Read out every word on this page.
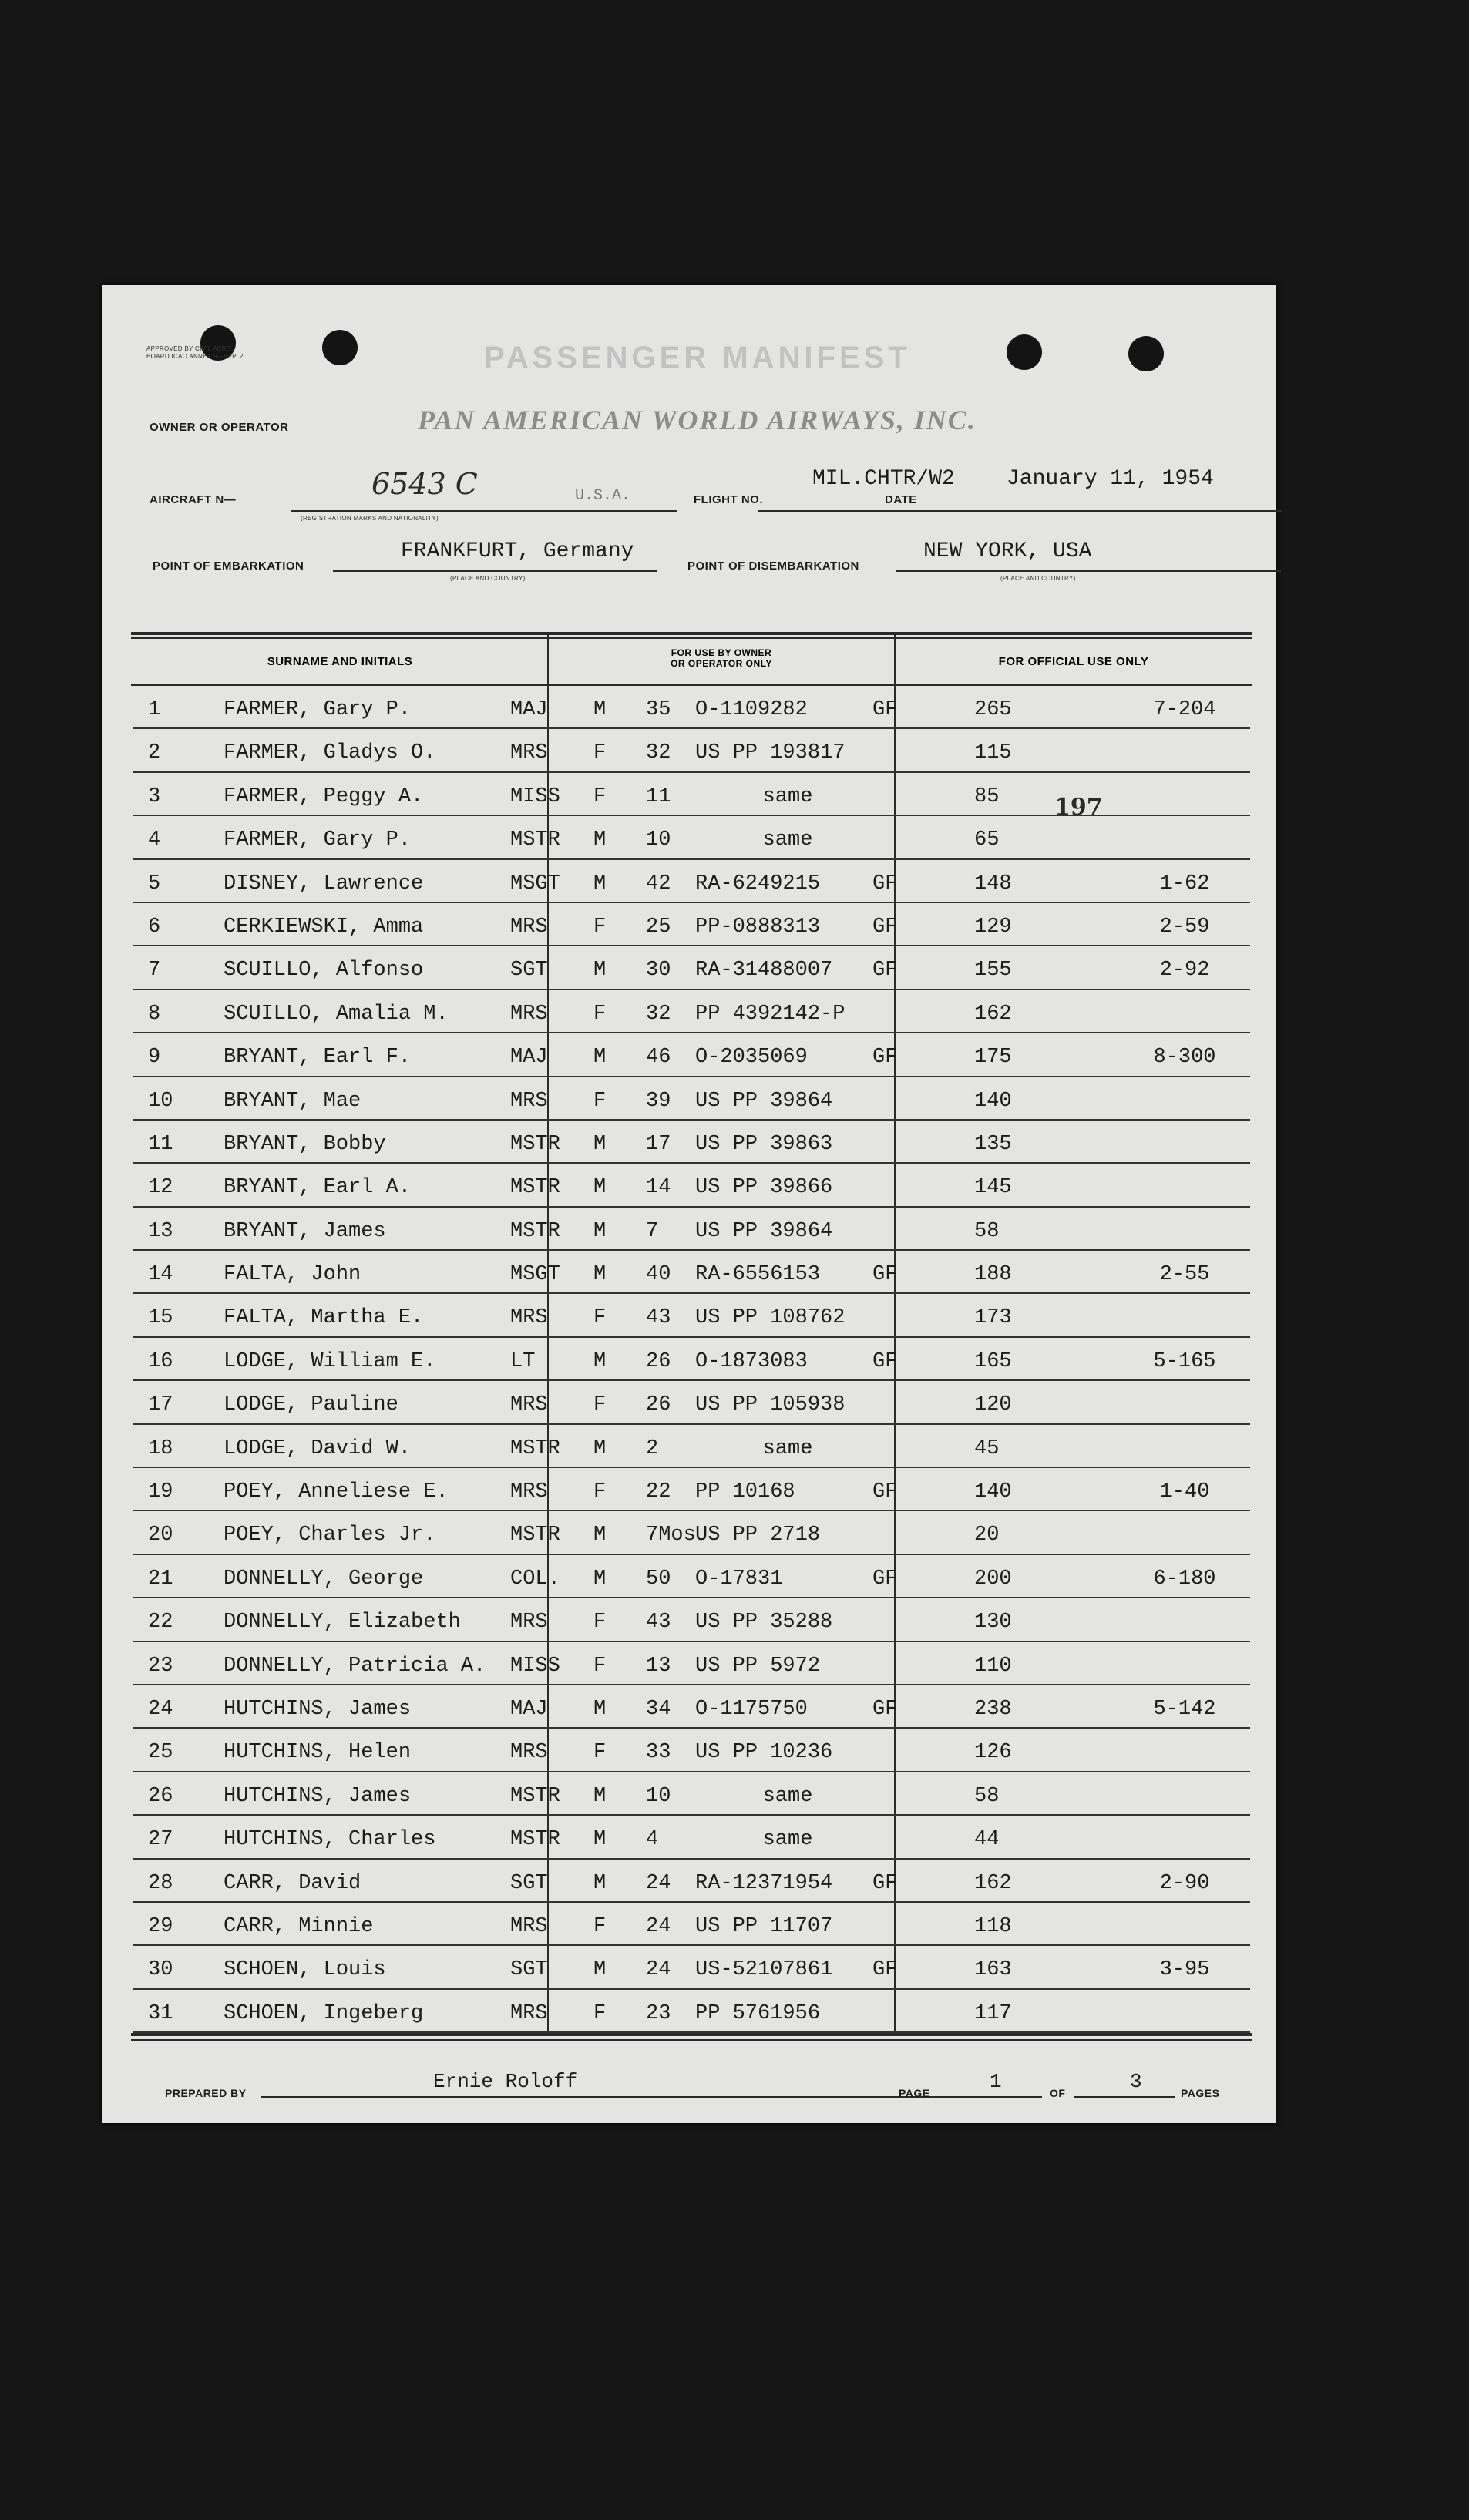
APPROVED BY CIVIL AERO. BOARD ICAO ANNEX 9—APP. 2	PASSENGER MANIFEST
OWNER OR OPERATOR	PAN AMERICAN WORLD AIRWAYS, INC.
AIRCRAFT N—	6543 C	U.S.A.
(REGISTRATION MARKS AND NATIONALITY)
FLIGHT NO.
MIL.CHTR/W2
DATE
January 11, 1954
POINT OF EMBARKATION
FRANKFURT, Germany
(PLACE AND COUNTRY)
POINT OF DISEMBARKATION
NEW YORK, USA
(PLACE AND COUNTRY)
SURNAME AND INITIALS
FOR USE BY OWNER
OR OPERATOR ONLY	FOR OFFICIAL USE ONLY
1	FARMER, Gary P.	MAJ M 35 O-1109282	GF	265	7-204
2	FARMER, Gladys O.	MRS F 32 US PP 193817	115
3	FARMER, Peggy A.	MISS F 11	same	85
4	FARMER, Gary P.	MSTR M 10	same	65
5	DISNEY, Lawrence	MSGT M 42 RA-6249215	GF	148	1-62
6	CERKIEWSKI, Amma	MRS F 25 PP-0888313	GF	129	2-59
7	SCUILLO, Alfonso	SGT M 30 RA-31488007 GF	155	2-92
8	SCUILLO, Amalia M.	MRS F 32 PP 4392142-P	162
9	BRYANT, Earl F.	MAJ M 46 O-2035069	GF	175	8-300
10 BRYANT, Mae	MRS F 39 US PP 39864	140
11 BRYANT, Bobby	MSTR M 17 US PP 39863	135
12 BRYANT, Earl A.	MSTR M 14 US PP 39866	145
13 BRYANT, James	MSTR M 7 US PP 39864	58
14 FALTA, John	MSGT M 40 RA-6556153	GF	188	2-55
15 FALTA, Martha E.	MRS F 43 US PP 108762	173
16 LODGE, William E.	LT	M 26 O-1873083	GF	165	5-165
17 LODGE, Pauline	MRS F 26 US PP 105938	120
18 LODGE, David W.	MSTR M 2	same	45
19 POEY, Anneliese E.	MRS F 22 PP 10168	GF	140	1-40
20 POEY, Charles Jr.	MSTR M 7Mos US PP 2718	20
21 DONNELLY, George	COL. M 50 O-17831	GF	200	6-180
22 DONNELLY, Elizabeth MRS F 43 US PP 35288	130
23 DONNELLY, Patricia A. MISS F 13 US PP 5972	110
24 HUTCHINS, James	MAJ M 34 O-1175750	GF	238	5-142
25 HUTCHINS, Helen	MRS F 33 US PP 10236	126
26 HUTCHINS, James	MSTR M 10	same	58
27 HUTCHINS, Charles	MSTR M 4	same	44
28 CARR, David	SGT M 24 RA-12371954 GF	162	2-90
29 CARR, Minnie	MRS F 24 US PP 11707	118
30 SCHOEN, Louis	SGT M 24 US-52107861 GF	163	3-95
31 SCHOEN, Ingeberg	MRS F 23 PP 5761956	117
197
PREPARED BY	Ernie Roloff	PAGE	1	OF	3	PAGES
